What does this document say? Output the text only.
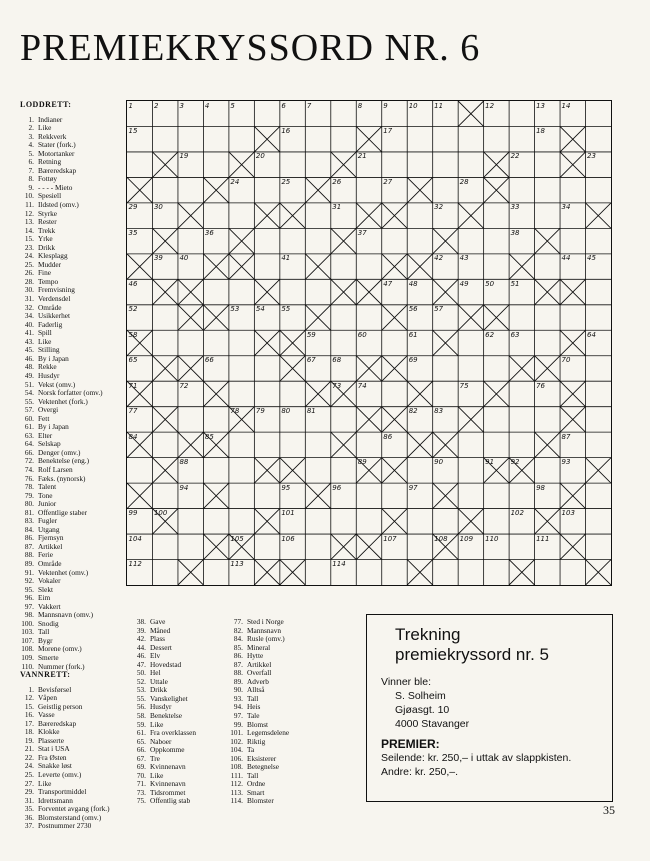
PREMIEKRYSSORD NR. 6
LODDRETT:
1. Indianer
2. Like
3. Rekkverk
4. Stater (fork.)
5. Motortanker
6. Retning
7. Bæreredskap
8. Fottøy
9. - - - - Mieto
10. Spesiell
11. Ildsted (omv.)
12. Styrke
13. Rester
14. Trekk
15. Yrke
23. Drikk
24. Klesplagg
25. Mudder
26. Fine
28. Tempo
30. Fremvisning
31. Verdensdel
32. Område
34. Usikkerhet
40. Faderlig
41. Spill
43. Like
45. Stilling
46. By i Japan
48. Rekke
49. Husdyr
51. Vekst (omv.)
54. Norsk forfatter (omv.)
55. Vektenhet (fork.)
57. Overgi
60. Fett
61. By i Japan
63. Elter
64. Selskap
66. Denger (omv.)
72. Benektelse (eng.)
74. Rolf Larsen
76. Fæks. (nynorsk)
78. Talent
79. Tone
80. Junior
81. Offentlige staber
83. Fugler
84. Utgang
86. Fjernsyn
87. Artikkel
88. Ferie
89. Område
91. Vektenhet (omv.)
92. Vokaler
95. Slekt
96. Eim
97. Vakkert
98. Mannsnavn (omv.)
100. Snodig
103. Tall
107. Bygr
108. Morene (omv.)
109. Smerte
110. Nummer (fork.)
VANNRETT:
1. Bevisførsel
12. Våpen
15. Geistlig person
16. Vasse
17. Bæreredskap
18. Klokke
19. Plasserte
21. Stat i USA
22. Fra Østen
24. Snakke løst
25. Leverte (omv.)
27. Like
29. Transportmiddel
31. Idrettsmann
35. Forventet avgang (fork.)
36. Blomsterstand (omv.)
37. Postnummer 2730
38. Gave
39. Måned
42. Plass
44. Dessert
46. Elv
47. Hovedstad
50. Hel
52. Uttale
53. Drikk
55. Vanskelighet
56. Husdyr
58. Benektelse
59. Like
61. Fra overklassen
65. Naboer
66. Oppkomme
67. Tre
69. Kvinnenavn
70. Like
71. Kvinnenavn
73. Tidsrommet
75. Offentlig stab
77. Sted i Norge
82. Mannsnavn
84. Rusle (omv.)
85. Mineral
86. Hytte
87. Artikkel
88. Overfall
89. Adverb
90. Alltså
93. Tall
94. Heis
97. Tale
99. Blomst
101. Legemsdelene
102. Riktig
104. Ta
106. Eksisterer
108. Betegnelse
111. Tall
112. Ordne
113. Smart
114. Blomster
1	2	3	4	5	6	7	8	9	10 11	12	13 14
15	16	17	18
19	20	21	22	23
24	25	26	27	28
29 30	31	32	33	34
35	36	37	38
39 40	41	42 43	44 45
46	47 48	49 50 51
52	53 54 55	56 57
58	59	60	61	62 63	64
65	66	67 68	69	70
71	72	73 74	75	76
77	78 79 80 81	82 83
84	85	86	87
88	89	90	91 92	93
94	95	96	97	98
99 100	101	102	103
104	105	106	107	108 109 110	111
112	113	114
Trekning
premiekryssord nr. 5
Vinner ble:
S. Solheim
Gjøasgt. 10
4000 Stavanger
PREMIER:
Seilende: kr. 250,– i uttak av slappkisten.
Andre: kr. 250,–.
35
